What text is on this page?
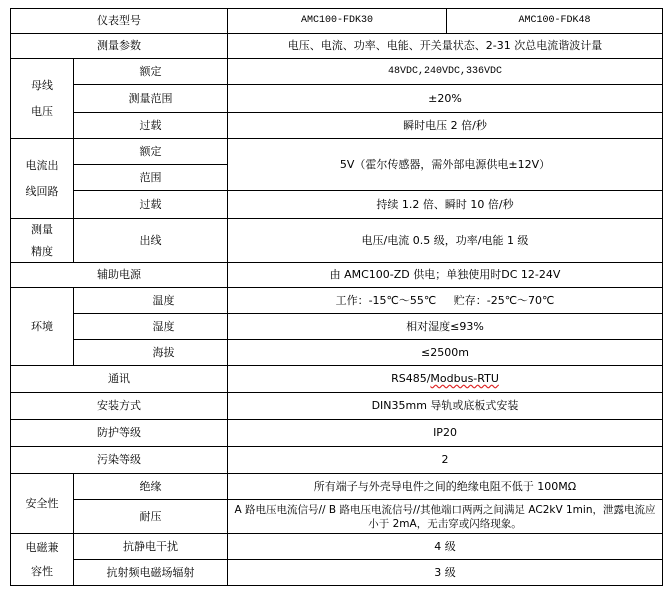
仪表型号		AMC100-FDK30	AMC100-FDK48
测量参数		电压、电流、功率、电能、开关量状态、2-31 次总电流谐波计量	

母线
电压	额定	48VDC,240VDC,336VDC	
	测量范围	±20%	
	过载	瞬时电压 2 倍/秒	

电流出
线回路	额定	5V（霍尔传感器，需外部电源供电±12V）	
	范围		
	过载	持续 1.2 倍、瞬时 10 倍/秒	

测量
精度	出线	电压/电流 0.5 级，功率/电能 1 级	
辅助电源		由 AMC100-ZD 供电；单独使用时DC 12-24V	
环境	温度	工作：-15℃～55℃     贮存：-25℃～70℃	
	湿度	相对湿度≤93%	
	海拔	≤2500m	
通讯		RS485/Modbus-RTU	
安装方式		DIN35mm 导轨或底板式安装	
防护等级		IP20	
污染等级		2	
安全性	绝缘	所有端子与外壳导电件之间的绝缘电阻不低于 100MΩ	
	耐压	A 路电压电流信号// B 路电压电流信号//其他端口两两之间满足 AC2kV 1min，泄露电流应小于 2mA，无击穿或闪络现象。	

电磁兼
容性	抗静电干扰	4 级	
	抗射频电磁场辐射	3 级	
